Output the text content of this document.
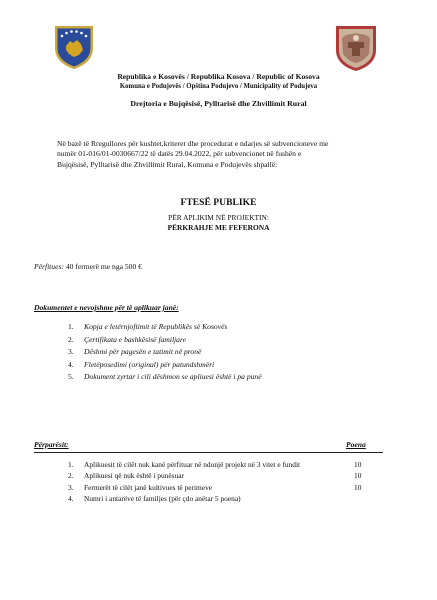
Republika e Kosovës / Republika Kosova / Republic of Kosova
Komuna e Podujevës / Opština Podujevo / Municipality of Podujeva
Drejtoria e Bujqësisë, Pylltarisë dhe Zhvillimit Rural
Në bazë të Rregullores për kushtet,kriteret dhe procedurat e ndarjes së subvencioneve me
numër 01-016/01-0030667/22 të datës 29.04.2022, për subvencionet në fushën e
Bujqësisë, Pylltarisë dhe Zhvillimit Rural, Komuna e Podujevës shpallë:
FTESË PUBLIKE
PËR APLIKIM NË PROJEKTIN:
PËRKRAHJE ME FEFERONA
Përfitues: 40 fermerë me nga 500 €
Dokumentet e nevojshme për të aplikuar janë:
1. Kopja e letërnjoftimit të Republikës së Kosovës
2. Çertifikata e bashkësisë familjare
3. Dëshmi për pagesën e tatimit në pronë
4. Fletëposedimi (original) për patundshmëri
5. Dokument zyrtar i cili dëshmon se apliuesi është i pa punë
Përparësit:	Poena
1. Aplikuesit të cilët nuk kanë përfituar në ndonjë projekt në 3 vitet e fundit
2. Aplikuesi që nuk është i punësuar
3. Fermerët të cilët janë kultivues të perimeve
4. Numri i antarëve të familjes (për çdo anëtar 5 poena)
10
10
10
